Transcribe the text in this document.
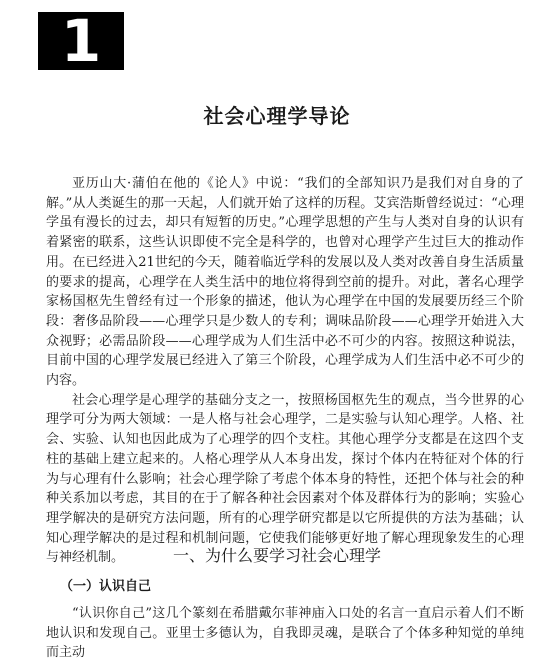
1
社会心理学导论

亚历山大·蒲伯在他的《论人》中说：“我们的全部知识乃是我们对自身的了解。”从人类诞生的那一天起，人们就开始了这样的历程。艾宾浩斯曾经说过：“心理学虽有漫长的过去，却只有短暂的历史。”心理学思想的产生与人类对自身的认识有着紧密的联系，这些认识即使不完全是科学的，也曾对心理学产生过巨大的推动作用。在已经进入21世纪的今天，随着临近学科的发展以及人类对改善自身生活质量的要求的提高，心理学在人类生活中的地位将得到空前的提升。对此，著名心理学家杨国枢先生曾经有过一个形象的描述，他认为心理学在中国的发展要历经三个阶段：奢侈品阶段——心理学只是少数人的专利；调味品阶段——心理学开始进入大众视野；必需品阶段——心理学成为人们生活中必不可少的内容。按照这种说法，目前中国的心理学发展已经进入了第三个阶段，心理学成为人们生活中必不可少的内容。

社会心理学是心理学的基础分支之一，按照杨国枢先生的观点，当今世界的心理学可分为两大领域：一是人格与社会心理学，二是实验与认知心理学。人格、社会、实验、认知也因此成为了心理学的四个支柱。其他心理学分支都是在这四个支柱的基础上建立起来的。人格心理学从人本身出发，探讨个体内在特征对个体的行为与心理有什么影响；社会心理学除了考虑个体本身的特性，还把个体与社会的种种关系加以考虑，其目的在于了解各种社会因素对个体及群体行为的影响；实验心理学解决的是研究方法问题，所有的心理学研究都是以它所提供的方法为基础；认知心理学解决的是过程和机制问题，它使我们能够更好地了解心理现象发生的心理与神经机制。	一、为什么要学习社会心理学
（一）认识自己

“认识你自己”这几个篆刻在希腊戴尔菲神庙入口处的名言一直启示着人们不断地认识和发现自己。亚里士多德认为，自我即灵魂，是联合了个体多种知觉的单纯而主动
